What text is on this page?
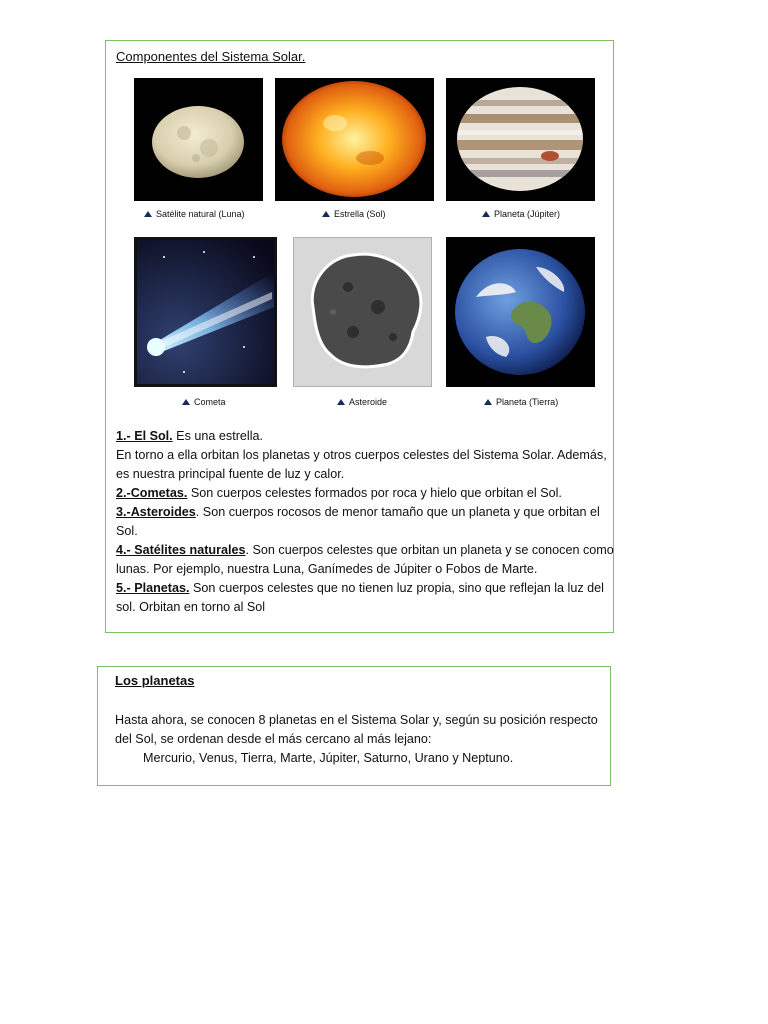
Componentes del Sistema Solar.
Satélite natural (Luna)	Estrella (Sol)	Planeta (Júpiter)
Cometa	Asteroide	Planeta (Tierra)

1.- El Sol. Es una estrella.

En torno a ella orbitan los planetas y otros cuerpos celestes del Sistema Solar. Además, es nuestra principal fuente de luz y calor.

2.-Cometas. Son cuerpos celestes formados por roca y hielo que orbitan el Sol.

3.-Asteroides. Son cuerpos rocosos de menor tamaño que un planeta y que orbitan el Sol.

4.- Satélites naturales. Son cuerpos celestes que orbitan un planeta y se conocen como lunas. Por ejemplo, nuestra Luna, Ganímedes de Júpiter o Fobos de Marte.

5.- Planetas. Son cuerpos celestes que no tienen luz propia, sino que reflejan la luz del sol. Orbitan en torno al Sol

Los planetas
Hasta ahora, se conocen 8 planetas en el Sistema Solar y, según su posición respecto del Sol, se ordenan desde el más cercano al más lejano:
Mercurio, Venus, Tierra, Marte, Júpiter, Saturno, Urano y Neptuno.
